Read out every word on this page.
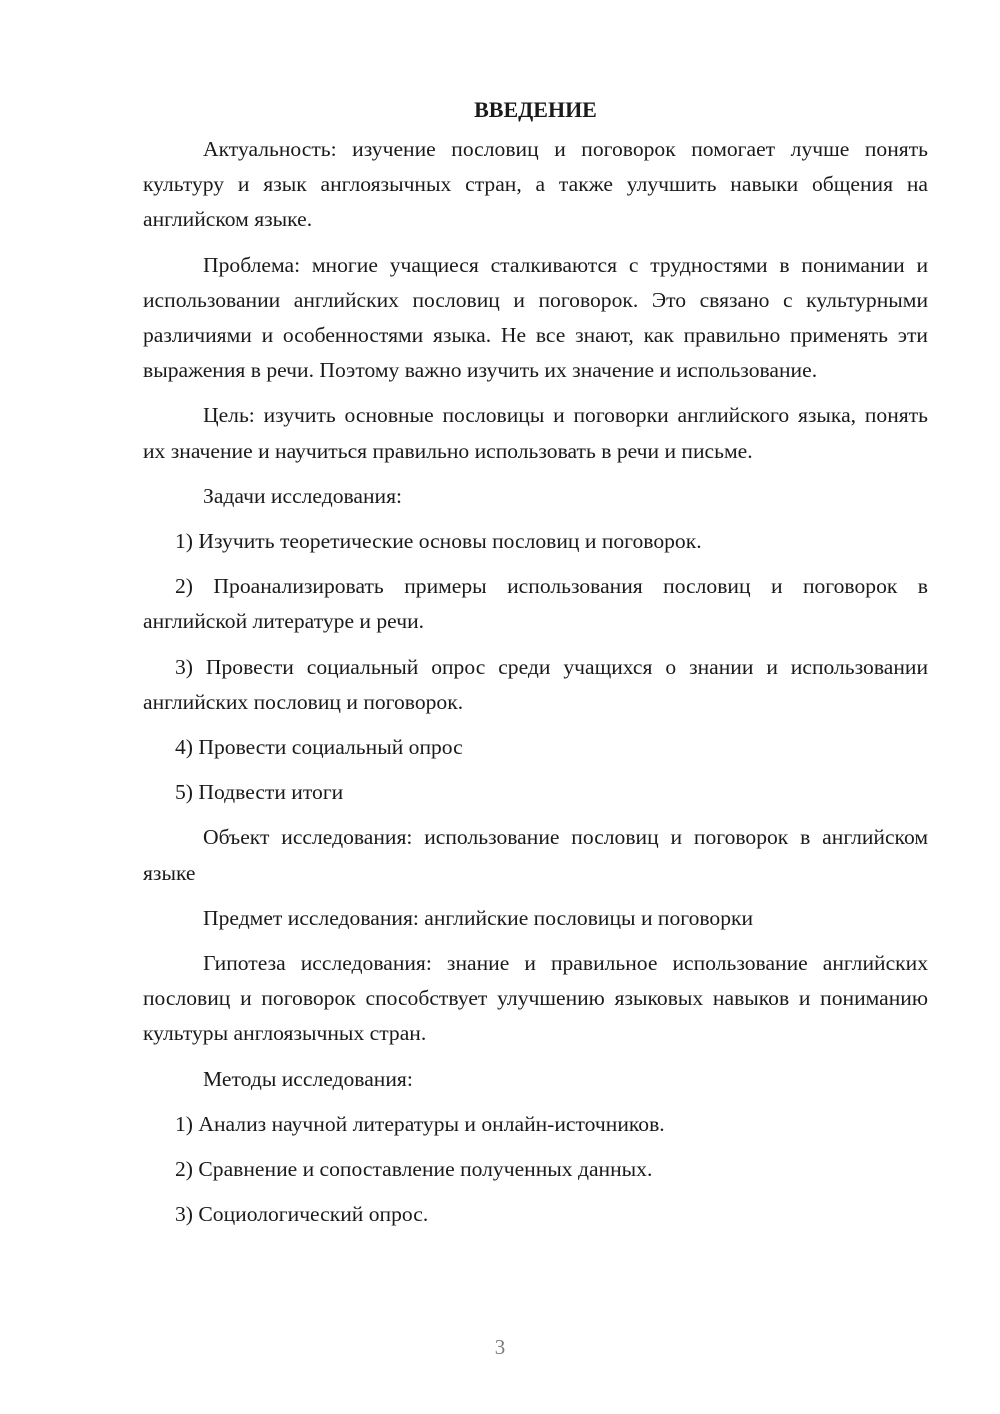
ВВЕДЕНИЕ

Актуальность: изучение пословиц и поговорок помогает лучше понять культуру и язык англоязычных стран, а также улучшить навыки общения на английском языке.

Проблема: многие учащиеся сталкиваются с трудностями в понимании и использовании английских пословиц и поговорок. Это связано с культурными различиями и особенностями языка. Не все знают, как правильно применять эти выражения в речи. Поэтому важно изучить их значение и использование.

Цель: изучить основные пословицы и поговорки английского языка, понять их значение и научиться правильно использовать в речи и письме.

Задачи исследования:

1) Изучить теоретические основы пословиц и поговорок.

2) Проанализировать примеры использования пословиц и поговорок в английской литературе и речи.

3) Провести социальный опрос среди учащихся о знании и использовании английских пословиц и поговорок.

4) Провести социальный опрос

5) Подвести итоги

Объект исследования: использование пословиц и поговорок в английском языке

Предмет исследования: английские пословицы и поговорки

Гипотеза исследования: знание и правильное использование английских пословиц и поговорок способствует улучшению языковых навыков и пониманию культуры англоязычных стран.

Методы исследования:

1) Анализ научной литературы и онлайн-источников.

2) Сравнение и сопоставление полученных данных.

3) Социологический опрос.

3
